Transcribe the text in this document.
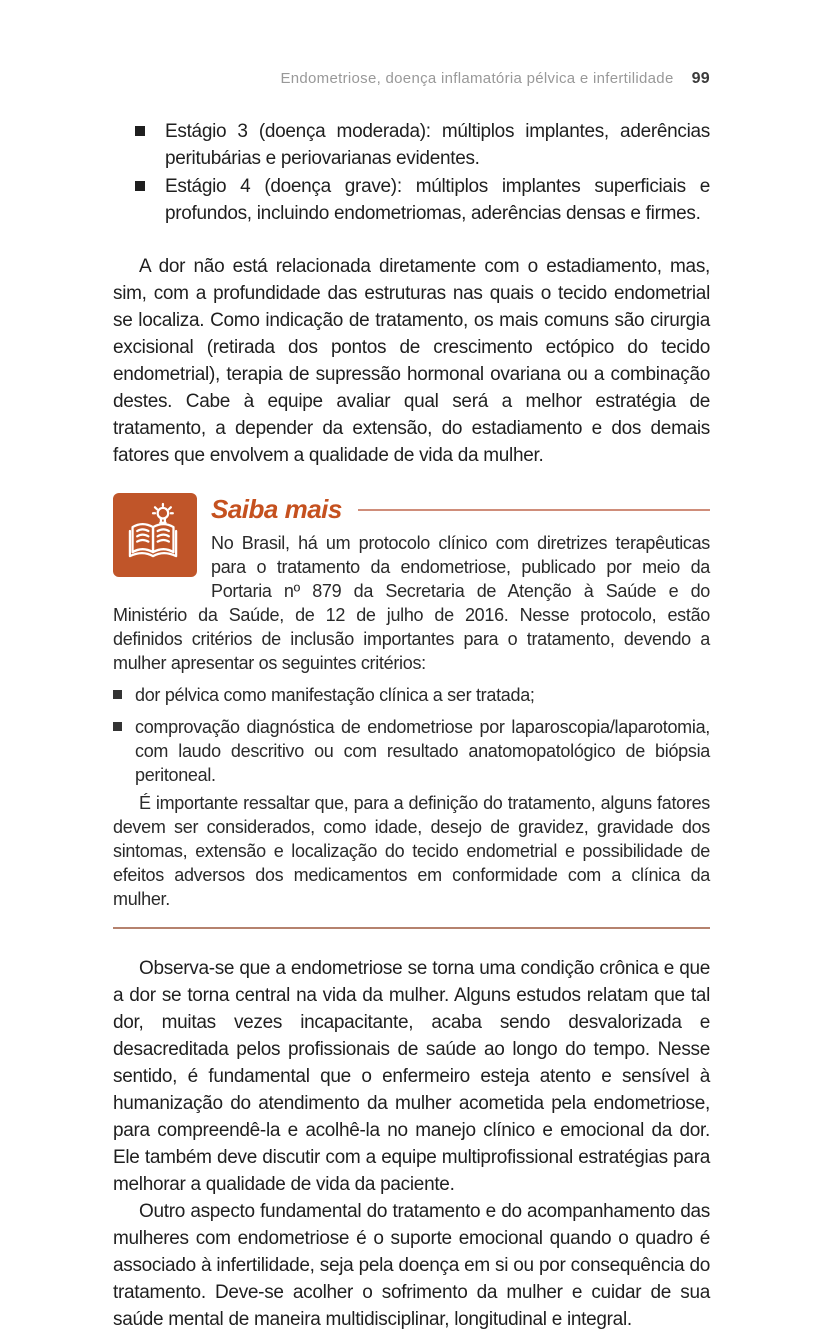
Endometriose, doença inflamatória pélvica e infertilidade 99
Estágio 3 (doença moderada): múltiplos implantes, aderências peritubárias e periovarianas evidentes.
Estágio 4 (doença grave): múltiplos implantes superficiais e profundos, incluindo endometriomas, aderências densas e firmes.

A dor não está relacionada diretamente com o estadiamento, mas, sim, com a profundidade das estruturas nas quais o tecido endometrial se localiza. Como indicação de tratamento, os mais comuns são cirurgia excisional (retirada dos pontos de crescimento ectópico do tecido endometrial), terapia de supressão hormonal ovariana ou a combinação destes. Cabe à equipe avaliar qual será a melhor estratégia de tratamento, a depender da extensão, do estadiamento e dos demais fatores que envolvem a qualidade de vida da mulher.

Saiba mais

No Brasil, há um protocolo clínico com diretrizes terapêuticas para o tratamento da endometriose, publicado por meio da Portaria nº 879 da Secretaria de Atenção à Saúde e do Ministério da Saúde, de 12 de julho de 2016. Nesse protocolo, estão definidos critérios de inclusão importantes para o tratamento, devendo a mulher apresentar os seguintes critérios:

dor pélvica como manifestação clínica a ser tratada;
comprovação diagnóstica de endometriose por laparoscopia/laparotomia, com laudo descritivo ou com resultado anatomopatológico de biópsia peritoneal.

É importante ressaltar que, para a definição do tratamento, alguns fatores devem ser considerados, como idade, desejo de gravidez, gravidade dos sintomas, extensão e localização do tecido endometrial e possibilidade de efeitos adversos dos medicamentos em conformidade com a clínica da mulher.

Observa-se que a endometriose se torna uma condição crônica e que a dor se torna central na vida da mulher. Alguns estudos relatam que tal dor, muitas vezes incapacitante, acaba sendo desvalorizada e desacreditada pelos profissionais de saúde ao longo do tempo. Nesse sentido, é fundamental que o enfermeiro esteja atento e sensível à humanização do atendimento da mulher acometida pela endometriose, para compreendê-la e acolhê-la no manejo clínico e emocional da dor. Ele também deve discutir com a equipe multiprofissional estratégias para melhorar a qualidade de vida da paciente.

Outro aspecto fundamental do tratamento e do acompanhamento das mulheres com endometriose é o suporte emocional quando o quadro é associado à infertilidade, seja pela doença em si ou por consequência do tratamento. Deve-se acolher o sofrimento da mulher e cuidar de sua saúde mental de maneira multidisciplinar, longitudinal e integral.
